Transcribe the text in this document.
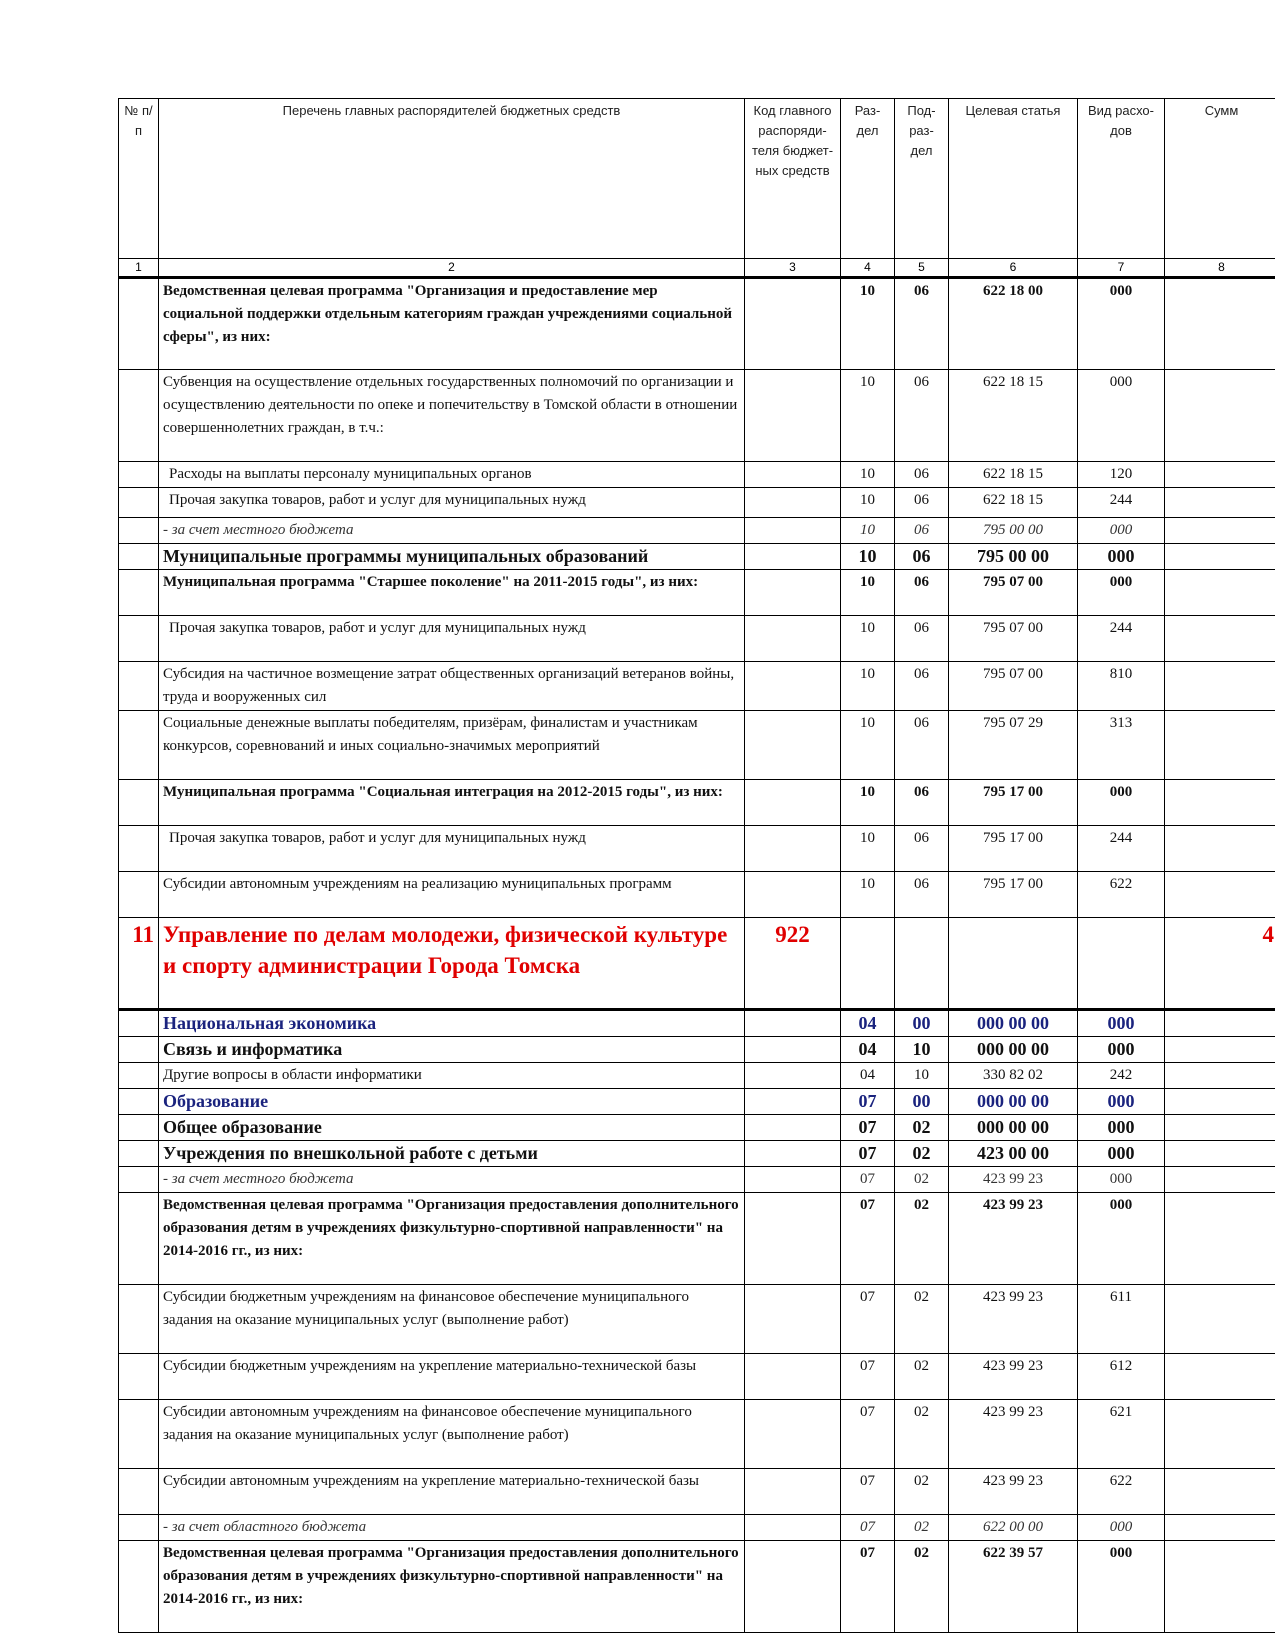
№ п/п	Перечень главных распорядителей бюджетных средств	Код главного распоряди-теля бюджет-ных средств	Раз-дел	Под-раз-дел	Целевая статья	Вид расхо-дов	Сумм
1	2	3	4	5	6	7	8
	Ведомственная целевая программа "Организация и предоставление мер социальной поддержки отдельным категориям граждан учреждениями социальной сферы", из них:		10	06	622 18 00	000	
	Субвенция на осуществление отдельных государственных полномочий по организации и осуществлению деятельности по опеке и попечительству в Томской области в отношении совершеннолетних граждан, в т.ч.:		10	06	622 18 15	000	
	Расходы на выплаты персоналу муниципальных органов		10	06	622 18 15	120	
	Прочая закупка товаров, работ и услуг для муниципальных нужд		10	06	622 18 15	244	
	- за счет местного бюджета		10	06	795 00 00	000	
	Муниципальные программы муниципальных образований		10	06	795 00 00	000	
	Муниципальная программа "Старшее поколение" на 2011-2015 годы", из них:		10	06	795 07 00	000	
	Прочая закупка товаров, работ и услуг для муниципальных нужд		10	06	795 07 00	244	
	Субсидия на частичное возмещение затрат общественных организаций ветеранов войны, труда и вооруженных сил		10	06	795 07 00	810	
	Социальные денежные выплаты победителям, призёрам, финалистам и участникам конкурсов, соревнований и иных социально-значимых мероприятий		10	06	795 07 29	313	
	Муниципальная программа "Социальная интеграция на 2012-2015 годы", из них:		10	06	795 17 00	000	
	Прочая закупка товаров, работ и услуг для муниципальных нужд		10	06	795 17 00	244	
	Субсидии автономным учреждениям на реализацию муниципальных программ		10	06	795 17 00	622	
11	Управление по делам молодежи, физической культуре и спорту администрации Города Томска	922					4
	Национальная экономика		04	00	000 00 00	000	
	Связь и информатика		04	10	000 00 00	000	
	Другие вопросы в области информатики		04	10	330 82 02	242	
	Образование		07	00	000 00 00	000	
	Общее образование		07	02	000 00 00	000	
	Учреждения по внешкольной работе с детьми		07	02	423 00 00	000	
	- за счет местного бюджета		07	02	423 99 23	000	
	Ведомственная целевая программа "Организация предоставления дополнительного образования детям в учреждениях физкультурно-спортивной направленности" на 2014-2016 гг., из них:		07	02	423 99 23	000	
	Субсидии бюджетным учреждениям на финансовое обеспечение муниципального задания на оказание муниципальных услуг (выполнение работ)		07	02	423 99 23	611	
	Субсидии бюджетным учреждениям на укрепление материально-технической базы		07	02	423 99 23	612	
	Субсидии автономным учреждениям на финансовое обеспечение муниципального задания на оказание муниципальных услуг (выполнение работ)		07	02	423 99 23	621	
	Субсидии автономным учреждениям на укрепление материально-технической базы		07	02	423 99 23	622	
	- за счет областного бюджета		07	02	622 00 00	000	
	Ведомственная целевая программа "Организация предоставления дополнительного образования детям в учреждениях физкультурно-спортивной направленности" на 2014-2016 гг., из них:		07	02	622 39 57	000	
